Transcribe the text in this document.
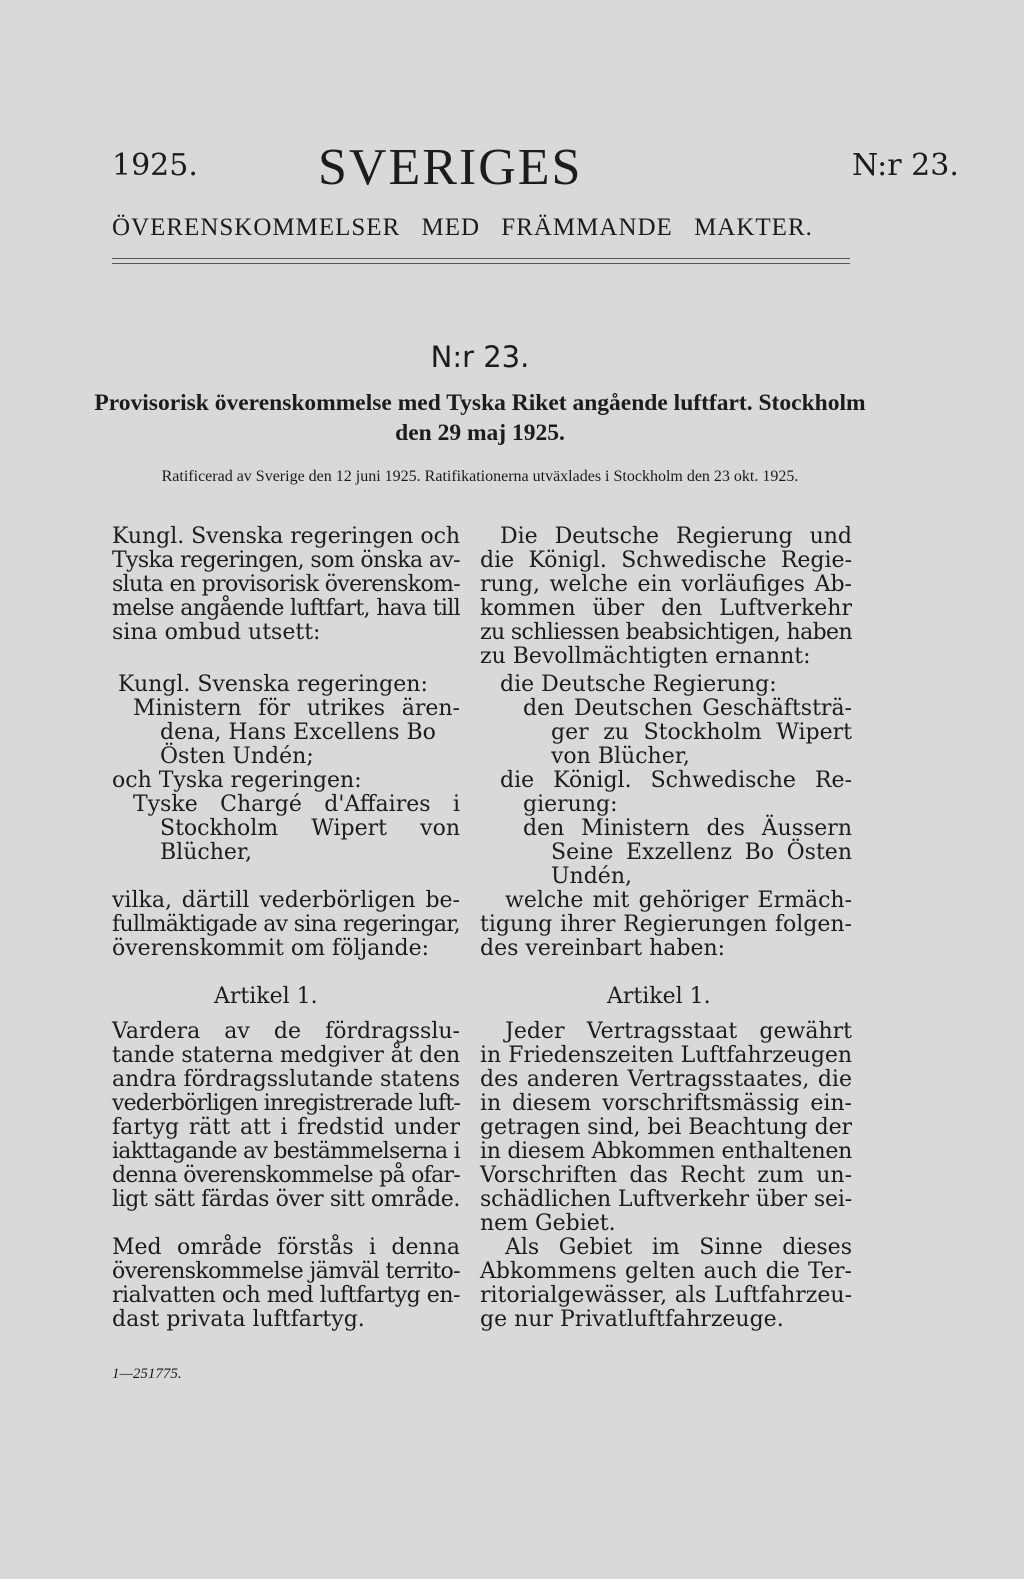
1925. SVERIGES	N:r 23.
ÖVERENSKOMMELSER MED FRÄMMANDE MAKTER.
N:r 23.
Provisorisk överenskommelse med Tyska Riket angående luftfart. Stockholm den 29 maj 1925.
Ratificerad av Sverige den 12 juni 1925. Ratifikationerna utväxlades i Stockholm den 23 okt. 1925.
Kungl. Svenska regeringen och
Tyska regeringen, som önska av-
sluta en provisorisk överenskom-
melse angående luftfart, hava till
sina ombud utsett:
Kungl. Svenska regeringen:
Ministern för utrikes ären-
dena, Hans Excellens Bo
Östen Undén;
och Tyska regeringen:
Tyske Chargé d'Affaires i
Stockholm Wipert von
Blücher,
vilka, därtill vederbörligen be-
fullmäktigade av sina regeringar,
överenskommit om följande:
Artikel 1.
Vardera av de fördragsslu-
tande staterna medgiver åt den
andra fördragsslutande statens
vederbörligen inregistrerade luft-
fartyg rätt att i fredstid under
iakttagande av bestämmelserna i
denna överenskommelse på ofar-
ligt sätt färdas över sitt område.
Med område förstås i denna
överenskommelse jämväl territo-
rialvatten och med luftfartyg en-
dast privata luftfartyg.
Die Deutsche Regierung und
die Königl. Schwedische Regie-
rung, welche ein vorläufiges Ab-
kommen über den Luftverkehr
zu schliessen beabsichtigen, haben
zu Bevollmächtigten ernannt:
die Deutsche Regierung:
den Deutschen Geschäftsträ-
ger zu Stockholm Wipert
von Blücher,
die Königl. Schwedische Re-
gierung:
den Ministern des Äussern
Seine Exzellenz Bo Östen
Undén,
welche mit gehöriger Ermäch-
tigung ihrer Regierungen folgen-
des vereinbart haben:
Artikel 1.
Jeder Vertragsstaat gewährt
in Friedenszeiten Luftfahrzeugen
des anderen Vertragsstaates, die
in diesem vorschriftsmässig ein-
getragen sind, bei Beachtung der
in diesem Abkommen enthaltenen
Vorschriften das Recht zum un-
schädlichen Luftverkehr über sei-
nem Gebiet.
Als Gebiet im Sinne dieses
Abkommens gelten auch die Ter-
ritorialgewässer, als Luftfahrzeu-
ge nur Privatluftfahrzeuge.
1—251775.
